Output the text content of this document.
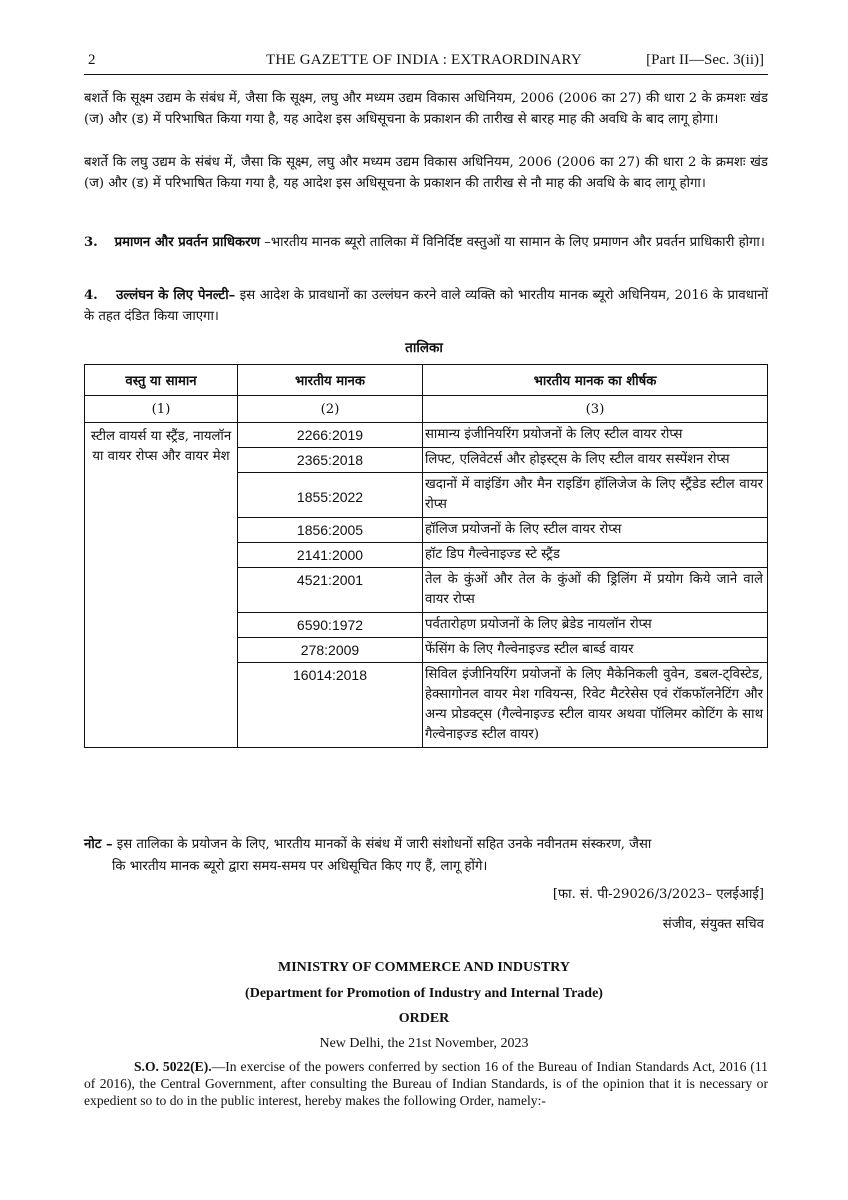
2	THE GAZETTE OF INDIA : EXTRAORDINARY	[Part II—Sec. 3(ii)]
बशर्ते कि सूक्ष्म उद्यम के संबंध में, जैसा कि सूक्ष्म, लघु और मध्यम उद्यम विकास अधिनियम, 2006 (2006 का 27) की धारा 2 के क्रमशः खंड (ज) और (ड) में परिभाषित किया गया है, यह आदेश इस अधिसूचना के प्रकाशन की तारीख से बारह माह की अवधि के बाद लागू होगा।
बशर्ते कि लघु उद्यम के संबंध में, जैसा कि सूक्ष्म, लघु और मध्यम उद्यम विकास अधिनियम, 2006 (2006 का 27) की धारा 2 के क्रमशः खंड (ज) और (ड) में परिभाषित किया गया है, यह आदेश इस अधिसूचना के प्रकाशन की तारीख से नौ माह की अवधि के बाद लागू होगा।
3. प्रमाणन और प्रवर्तन प्राधिकरण –भारतीय मानक ब्यूरो तालिका में विनिर्दिष्ट वस्तुओं या सामान के लिए प्रमाणन और प्रवर्तन प्राधिकारी होगा।
4. उल्लंघन के लिए पेनल्टी– इस आदेश के प्रावधानों का उल्लंघन करने वाले व्यक्ति को भारतीय मानक ब्यूरो अधिनियम, 2016 के प्रावधानों के तहत दंडित किया जाएगा।
तालिका
वस्तु या सामान	भारतीय मानक	भारतीय मानक का शीर्षक
(1)	(2)	(3)
स्टील वायर्स या स्ट्रैंड, नायलॉन या वायर रोप्स और वायर मेश	2266:2019	सामान्य इंजीनियरिंग प्रयोजनों के लिए स्टील वायर रोप्स
	2365:2018	लिफ्ट, एलिवेटर्स और होइस्ट्स के लिए स्टील वायर सस्पेंशन रोप्स
	1855:2022	खदानों में वाइंडिंग और मैन राइडिंग हॉलिजेज के लिए स्ट्रैंडेड स्टील वायर रोप्स
	1856:2005	हॉलिज प्रयोजनों के लिए स्टील वायर रोप्स
	2141:2000	हॉट डिप गैल्वेनाइज्ड स्टे स्ट्रैंड
	4521:2001	तेल के कुंओं और तेल के कुंओं की ड्रिलिंग में प्रयोग किये जाने वाले वायर रोप्स
	6590:1972	पर्वतारोहण प्रयोजनों के लिए ब्रेडेड नायलॉन रोप्स
	278:2009	फेंसिंग के लिए गैल्वेनाइज्ड स्टील बार्ब्ड वायर
	16014:2018	सिविल इंजीनियरिंग प्रयोजनों के लिए मैकेनिकली वुवेन, डबल-ट्विस्टेड, हेक्सागोनल वायर मेश गवियन्स, रिवेट मैटरेसेस एवं रॉकफॉलनेटिंग और अन्य प्रोडक्ट्स (गैल्वेनाइज्ड स्टील वायर अथवा पॉलिमर कोटिंग के साथ गैल्वेनाइज्ड स्टील वायर)
नोट – इस तालिका के प्रयोजन के लिए, भारतीय मानकों के संबंध में जारी संशोधनों सहित उनके नवीनतम संस्करण, जैसा
कि भारतीय मानक ब्यूरो द्वारा समय-समय पर अधिसूचित किए गए हैं, लागू होंगे।
[फा. सं. पी-29026/3/2023– एलईआई]
संजीव, संयुक्त सचिव
MINISTRY OF COMMERCE AND INDUSTRY
(Department for Promotion of Industry and Internal Trade)
ORDER
New Delhi, the 21st November, 2023
S.O. 5022(E).—In exercise of the powers conferred by section 16 of the Bureau of Indian Standards Act, 2016 (11 of 2016), the Central Government, after consulting the Bureau of Indian Standards, is of the opinion that it is necessary or expedient so to do in the public interest, hereby makes the following Order, namely:-
